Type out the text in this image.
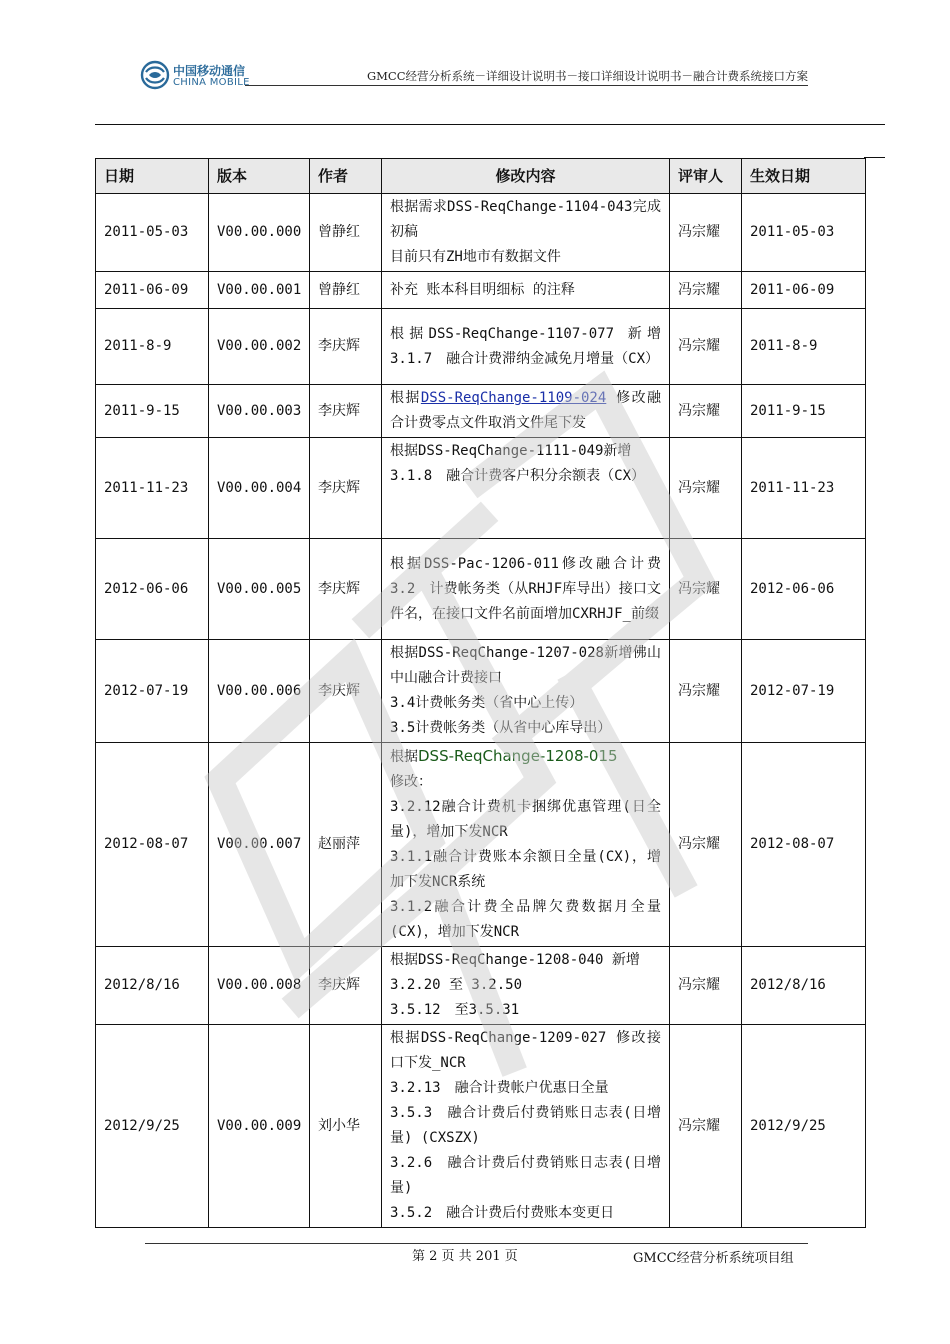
中国移动通信
CHINA MOBILE	GMCC经营分析系统－详细设计说明书－接口详细设计说明书－融合计费系统接口方案
日期	版本	作者	修改内容	评审人	生效日期
2011-05-03	V00.00.000	曾静红	根据需求DSS-ReqChange-1104-043完成初稿
目前只有ZH地市有数据文件	冯宗耀	2011-05-03
2011-06-09	V00.00.001	曾静红	补充 账本科目明细标 的注释	冯宗耀	2011-06-09
2011-8-9	V00.00.002	李庆辉	根据DSS-ReqChange-1107-077 新增3.1.7　融合计费滞纳金减免月增量（CX）	冯宗耀	2011-8-9
2011-9-15	V00.00.003	李庆辉	根据DSS-ReqChange-1109-024 修改融合计费零点文件取消文件尾下发	冯宗耀	2011-9-15
2011-11-23	V00.00.004	李庆辉	根据DSS-ReqChange-1111-049新增
3.1.8　融合计费客户积分余额表（CX）	冯宗耀	2011-11-23
2012-06-06	V00.00.005	李庆辉	根据DSS-Pac-1206-011修改融合计费3.2　计费帐务类（从RHJF库导出）接口文件名，在接口文件名前面增加CXRHJF_前缀	冯宗耀	2012-06-06
2012-07-19	V00.00.006	李庆辉	根据DSS-ReqChange-1207-028新增佛山中山融合计费接口
3.4计费帐务类（省中心上传）
3.5计费帐务类（从省中心库导出）	冯宗耀	2012-07-19
2012-08-07	V00.00.007	赵丽萍	根据DSS-ReqChange-1208-015
修改：
3.2.12融合计费机卡捆绑优惠管理(日全量)，增加下发NCR
3.1.1融合计费账本余额日全量(CX)，增加下发NCR系统
3.1.2融合计费全品牌欠费数据月全量 (CX)，增加下发NCR	冯宗耀	2012-08-07
2012/8/16	V00.00.008	李庆辉	根据DSS-ReqChange-1208-040 新增
3.2.20 至 3.2.50
3.5.12　至3.5.31	冯宗耀	2012/8/16
2012/9/25	V00.00.009	刘小华	根据DSS-ReqChange-1209-027 修改接口下发_NCR
3.2.13　融合计费帐户优惠日全量
3.5.3　融合计费后付费销账日志表(日增量) (CXSZX)
3.2.6　融合计费后付费销账日志表(日增量)
3.5.2　融合计费后付费账本变更日	冯宗耀	2012/9/25
第 2 页 共 201 页	GMCC经营分析系统项目组
